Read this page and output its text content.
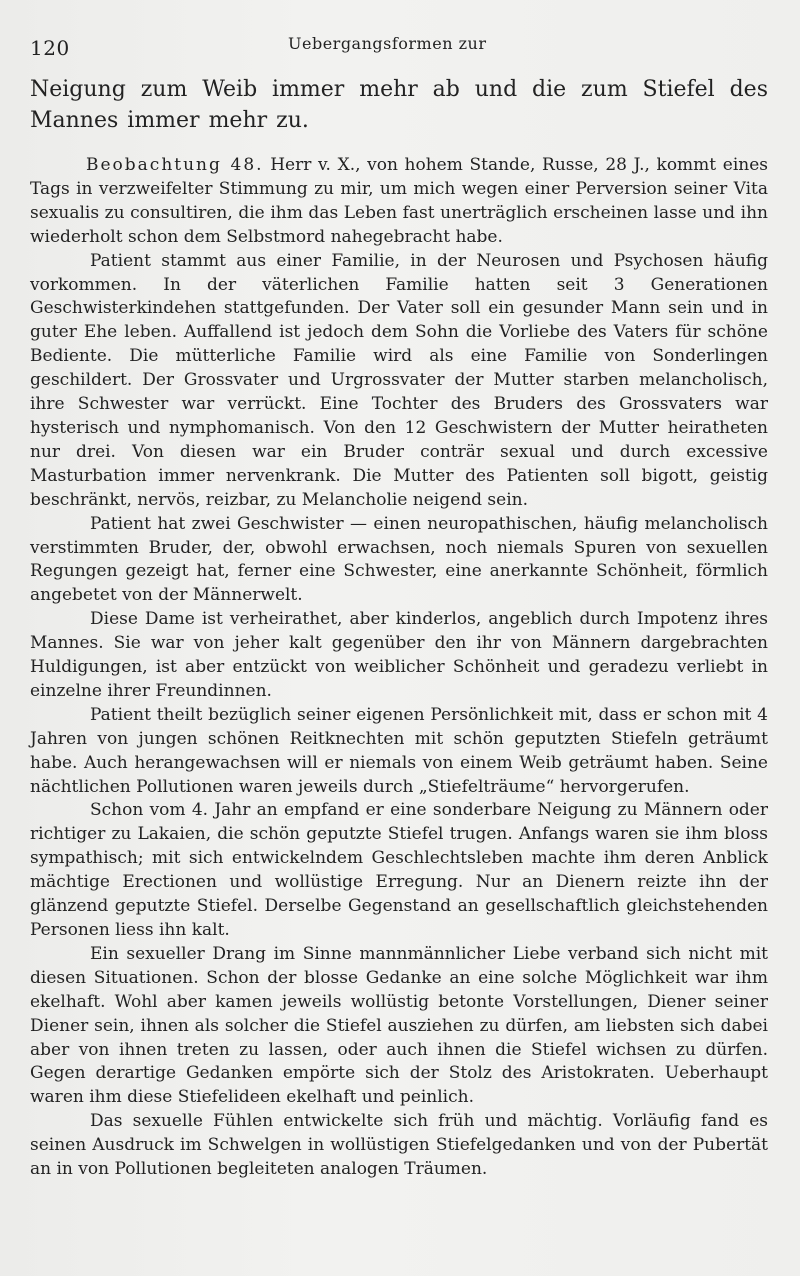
120	Uebergangsformen zur

Neigung zum Weib immer mehr ab und die zum Stiefel des Mannes immer mehr zu.

Beobachtung 48. Herr v. X., von hohem Stande, Russe, 28 J., kommt eines Tags in verzweifelter Stimmung zu mir, um mich wegen einer Perversion seiner Vita sexualis zu consultiren, die ihm das Leben fast unerträglich erscheinen lasse und ihn wiederholt schon dem Selbstmord nahegebracht habe.

Patient stammt aus einer Familie, in der Neurosen und Psychosen häufig vorkommen. In der väterlichen Familie hatten seit 3 Generationen Geschwisterkindehen stattgefunden. Der Vater soll ein gesunder Mann sein und in guter Ehe leben. Auffallend ist jedoch dem Sohn die Vorliebe des Vaters für schöne Bediente. Die mütterliche Familie wird als eine Familie von Sonderlingen geschildert. Der Grossvater und Urgrossvater der Mutter starben melancholisch, ihre Schwester war verrückt. Eine Tochter des Bruders des Grossvaters war hysterisch und nymphomanisch. Von den 12 Geschwistern der Mutter heiratheten nur drei. Von diesen war ein Bruder conträr sexual und durch excessive Masturbation immer nervenkrank. Die Mutter des Patienten soll bigott, geistig beschränkt, nervös, reizbar, zu Melancholie neigend sein.

Patient hat zwei Geschwister — einen neuropathischen, häufig melancholisch verstimmten Bruder, der, obwohl erwachsen, noch niemals Spuren von sexuellen Regungen gezeigt hat, ferner eine Schwester, eine anerkannte Schönheit, förmlich angebetet von der Männerwelt.

Diese Dame ist verheirathet, aber kinderlos, angeblich durch Impotenz ihres Mannes. Sie war von jeher kalt gegenüber den ihr von Männern dargebrachten Huldigungen, ist aber entzückt von weiblicher Schönheit und geradezu verliebt in einzelne ihrer Freundinnen.

Patient theilt bezüglich seiner eigenen Persönlichkeit mit, dass er schon mit 4 Jahren von jungen schönen Reitknechten mit schön geputzten Stiefeln geträumt habe. Auch herangewachsen will er niemals von einem Weib geträumt haben. Seine nächtlichen Pollutionen waren jeweils durch „Stiefelträume“ hervorgerufen.

Schon vom 4. Jahr an empfand er eine sonderbare Neigung zu Männern oder richtiger zu Lakaien, die schön geputzte Stiefel trugen. Anfangs waren sie ihm bloss sympathisch; mit sich entwickelndem Geschlechtsleben machte ihm deren Anblick mächtige Erectionen und wollüstige Erregung. Nur an Dienern reizte ihn der glänzend geputzte Stiefel. Derselbe Gegenstand an gesellschaftlich gleichstehenden Personen liess ihn kalt.

Ein sexueller Drang im Sinne mannmännlicher Liebe verband sich nicht mit diesen Situationen. Schon der blosse Gedanke an eine solche Möglichkeit war ihm ekelhaft. Wohl aber kamen jeweils wollüstig betonte Vorstellungen, Diener seiner Diener sein, ihnen als solcher die Stiefel ausziehen zu dürfen, am liebsten sich dabei aber von ihnen treten zu lassen, oder auch ihnen die Stiefel wichsen zu dürfen. Gegen derartige Gedanken empörte sich der Stolz des Aristokraten. Ueberhaupt waren ihm diese Stiefelideen ekelhaft und peinlich.

Das sexuelle Fühlen entwickelte sich früh und mächtig. Vorläufig fand es seinen Ausdruck im Schwelgen in wollüstigen Stiefelgedanken und von der Pubertät an in von Pollutionen begleiteten analogen Träumen.
